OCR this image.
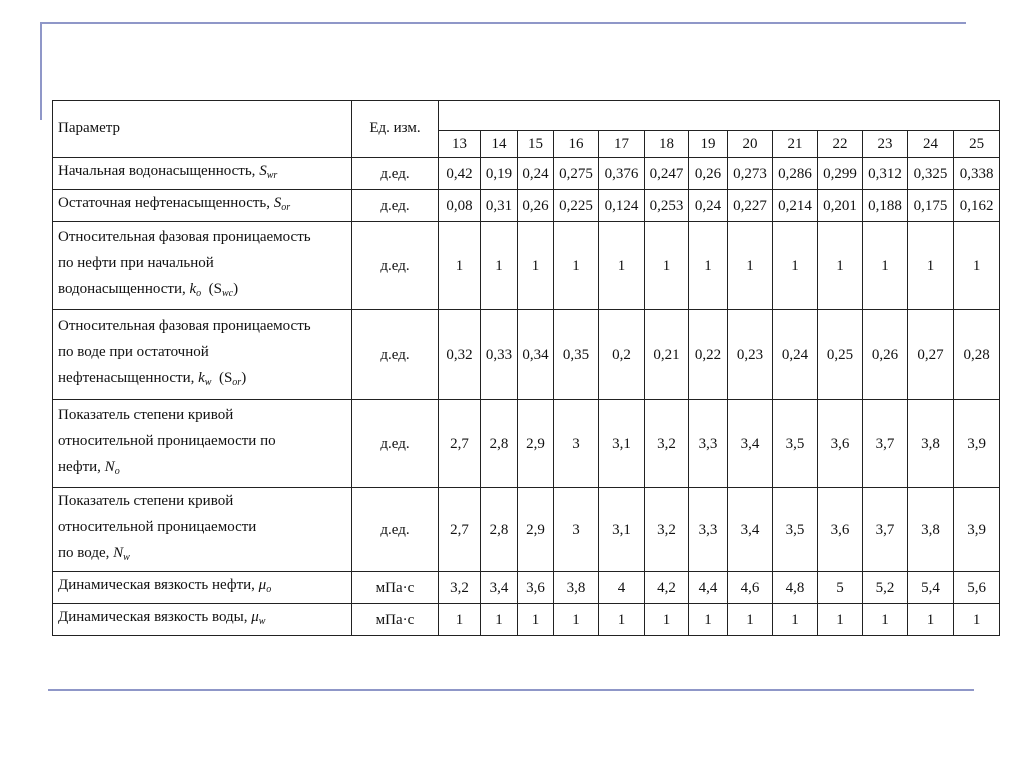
Параметр	Ед. изм.													
		13	14	15	16	17	18	19	20	21	22	23	24	25
Начальная водонасыщенность, $S_{wr}$	д.ед.	0,42	0,19	0,24	0,275	0,376	0,247	0,26	0,273	0,286	0,299	0,312	0,325	0,338
Остаточная нефтенасыщенность, $S_{or}$	д.ед.	0,08	0,31	0,26	0,225	0,124	0,253	0,24	0,227	0,214	0,201	0,188	0,175	0,162
Относительная фазовая проницаемость
по нефти при начальной
водонасыщенности, $k_o$  $(S_{wc})$	д.ед.	1	1	1	1	1	1	1	1	1	1	1	1	1
Относительная фазовая проницаемость
по воде при остаточной
нефтенасыщенности, $k_w$  $(S_{or})$	д.ед.	0,32	0,33	0,34	0,35	0,2	0,21	0,22	0,23	0,24	0,25	0,26	0,27	0,28
Показатель степени кривой
относительной проницаемости по
нефти, $N_o$	д.ед.	2,7	2,8	2,9	3	3,1	3,2	3,3	3,4	3,5	3,6	3,7	3,8	3,9
Показатель степени кривой
относительной проницаемости
по воде, $N_w$	д.ед.	2,7	2,8	2,9	3	3,1	3,2	3,3	3,4	3,5	3,6	3,7	3,8	3,9
Динамическая вязкость нефти, $\mu_o$	мПа·с	3,2	3,4	3,6	3,8	4	4,2	4,4	4,6	4,8	5	5,2	5,4	5,6
Динамическая вязкость воды, $\mu_w$	мПа·с	1	1	1	1	1	1	1	1	1	1	1	1	1
